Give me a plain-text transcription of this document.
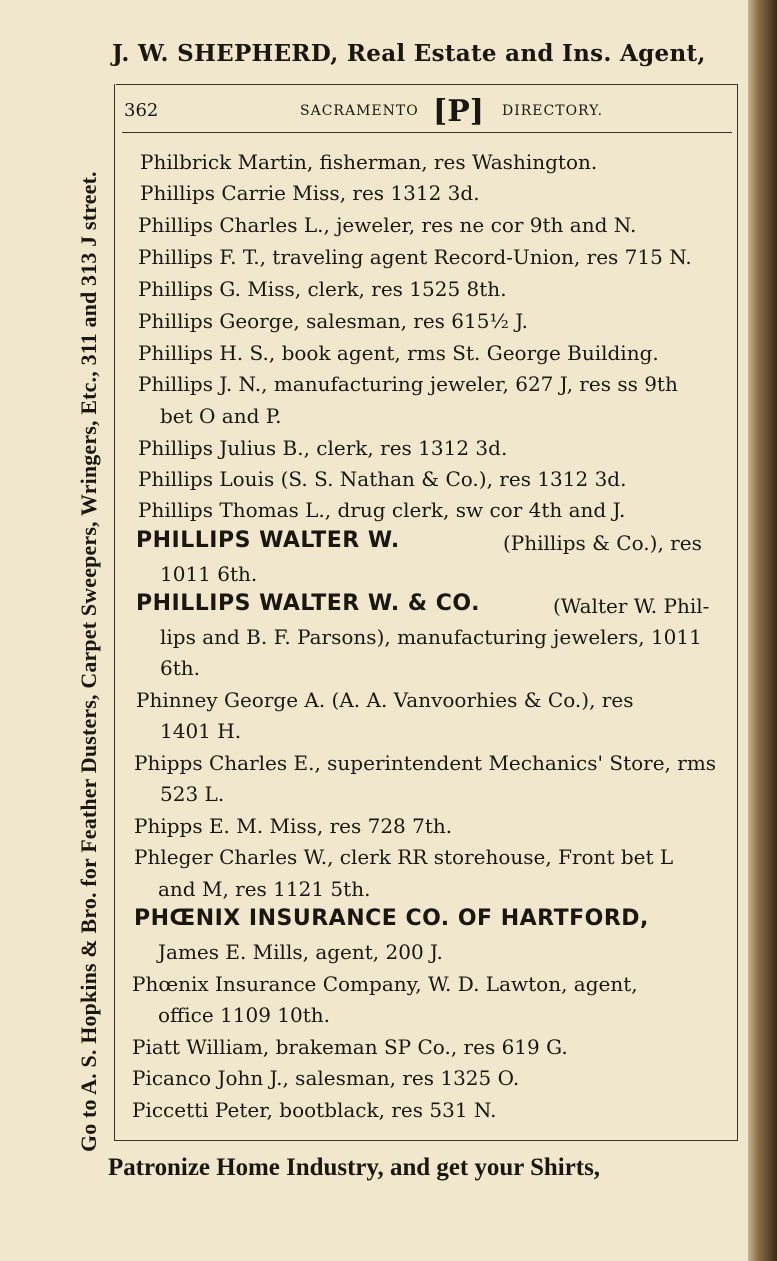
J. W. SHEPHERD, Real Estate and Ins. Agent,
Go to A. S. Hopkins & Bro. for Feather Dusters, Carpet Sweepers, Wringers, Etc., 311 and 313 J street.
362	SACRAMENTO [P] DIRECTORY.
Philbrick Martin, fisherman, res Washington.
Phillips Carrie Miss, res 1312 3d.
Phillips Charles L., jeweler, res ne cor 9th and N.
Phillips F. T., traveling agent Record-Union, res 715 N.
Phillips G. Miss, clerk, res 1525 8th.
Phillips George, salesman, res 615½ J.
Phillips H. S., book agent, rms St. George Building.
Phillips J. N., manufacturing jeweler, 627 J, res ss 9th
bet O and P.
Phillips Julius B., clerk, res 1312 3d.
Phillips Louis (S. S. Nathan & Co.), res 1312 3d.
Phillips Thomas L., drug clerk, sw cor 4th and J.
PHILLIPS WALTER W.	(Phillips & Co.), res
1011 6th.
PHILLIPS WALTER W. & CO.	(Walter W. Phil-
lips and B. F. Parsons), manufacturing jewelers, 1011
6th.
Phinney George A. (A. A. Vanvoorhies & Co.), res
1401 H.
Phipps Charles E., superintendent Mechanics' Store, rms
523 L.
Phipps E. M. Miss, res 728 7th.
Phleger Charles W., clerk RR storehouse, Front bet L
and M, res 1121 5th.
PHŒNIX INSURANCE CO. OF HARTFORD,
James E. Mills, agent, 200 J.
Phœnix Insurance Company, W. D. Lawton, agent,
office 1109 10th.
Piatt William, brakeman SP Co., res 619 G.
Picanco John J., salesman, res 1325 O.
Piccetti Peter, bootblack, res 531 N.
Patronize Home Industry, and get your Shirts,
